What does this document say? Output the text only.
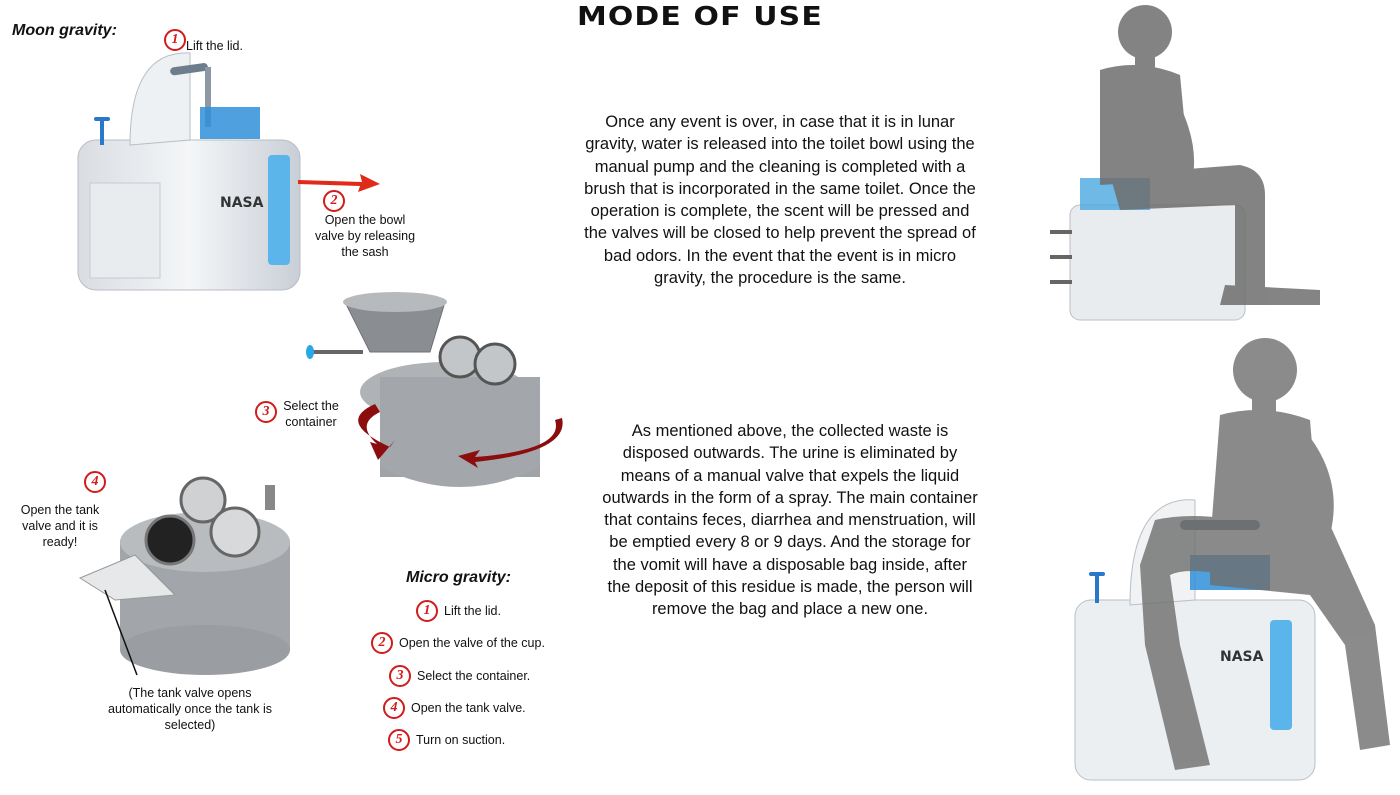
MODE OF USE
Moon gravity:
1 Lift the lid.
NASA	2
Open the bowl valve by releasing the sash
3	Select the container
4
Open the tank valve and it is ready!
(The tank valve opens automatically once the tank is selected)
Micro gravity:
1	Lift the lid.
2	Open the valve of the cup.
3	Select the container.
4	Open the tank valve.
5	Turn on suction.
Once any event is over, in case that it is in lunar gravity, water is released into the toilet bowl using the manual pump and the cleaning is completed with a brush that is incorporated in the same toilet. Once the operation is complete, the scent will be pressed and the valves will be closed to help prevent the spread of bad odors. In the event that the event is in micro gravity, the procedure is the same.
As mentioned above, the collected waste is disposed outwards. The urine is eliminated by means of a manual valve that expels the liquid outwards in the form of a spray. The main container that contains feces, diarrhea and menstruation, will be emptied every 8 or 9 days. And the storage for the vomit will have a disposable bag inside, after the deposit of this residue is made, the person will remove the bag and place a new one.
NASA
